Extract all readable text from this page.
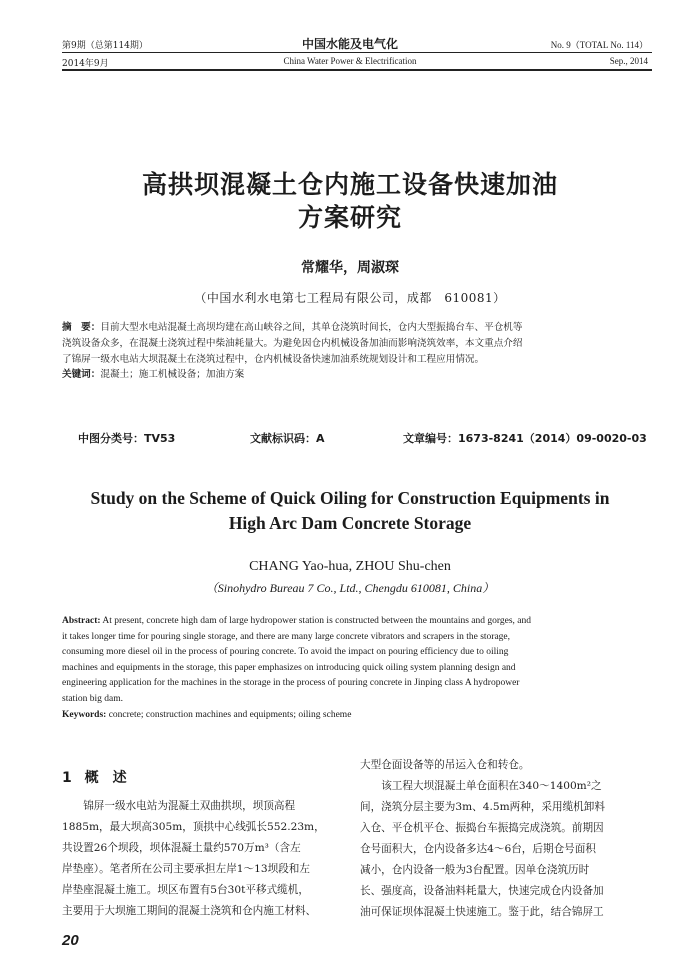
第9期（总第114期）	中国水能及电气化	No. 9（TOTAL No. 114）
2014年9月	China Water Power & Electrification	Sep., 2014
高拱坝混凝土仓内施工设备快速加油
方案研究
常耀华，周淑琛
（中国水利水电第七工程局有限公司，成都　610081）
摘　要：目前大型水电站混凝土高坝均建在高山峡谷之间，其单仓浇筑时间长，仓内大型振捣台车、平仓机等
浇筑设备众多，在混凝土浇筑过程中柴油耗量大。为避免因仓内机械设备加油而影响浇筑效率，本文重点介绍
了锦屏一级水电站大坝混凝土在浇筑过程中，仓内机械设备快速加油系统规划设计和工程应用情况。
关键词：混凝土；施工机械设备；加油方案
中图分类号：TV53	文献标识码：A	文章编号：1673-8241（2014）09-0020-03
Study on the Scheme of Quick Oiling for Construction Equipments in
High Arc Dam Concrete Storage
CHANG Yao-hua, ZHOU Shu-chen
（Sinohydro Bureau 7 Co., Ltd., Chengdu 610081, China）
Abstract: At present, concrete high dam of large hydropower station is constructed between the mountains and gorges, and
it takes longer time for pouring single storage, and there are many large concrete vibrators and scrapers in the storage,
consuming more diesel oil in the process of pouring concrete. To avoid the impact on pouring efficiency due to oiling
machines and equipments in the storage, this paper emphasizes on introducing quick oiling system planning design and
engineering application for the machines in the storage in the process of pouring concrete in Jinping class A hydropower
station big dam.
Keywords: concrete; construction machines and equipments; oiling scheme
1 概　述
锦屏一级水电站为混凝土双曲拱坝，坝顶高程
1885m，最大坝高305m，顶拱中心线弧长552.23m，
共设置26个坝段，坝体混凝土量约570万m³（含左
岸垫座）。笔者所在公司主要承担左岸1～13坝段和左
岸垫座混凝土施工。坝区布置有5台30t平移式缆机，
主要用于大坝施工期间的混凝土浇筑和仓内施工材料、
大型仓面设备等的吊运入仓和转仓。
该工程大坝混凝土单仓面积在340～1400m²之
间，浇筑分层主要为3m、4.5m两种，采用缆机卸料
入仓、平仓机平仓、振捣台车振捣完成浇筑。前期因
仓号面积大，仓内设备多达4～6台，后期仓号面积
减小，仓内设备一般为3台配置。因单仓浇筑历时
长、强度高，设备油料耗量大，快速完成仓内设备加
油可保证坝体混凝土快速施工。鉴于此，结合锦屏工
20
